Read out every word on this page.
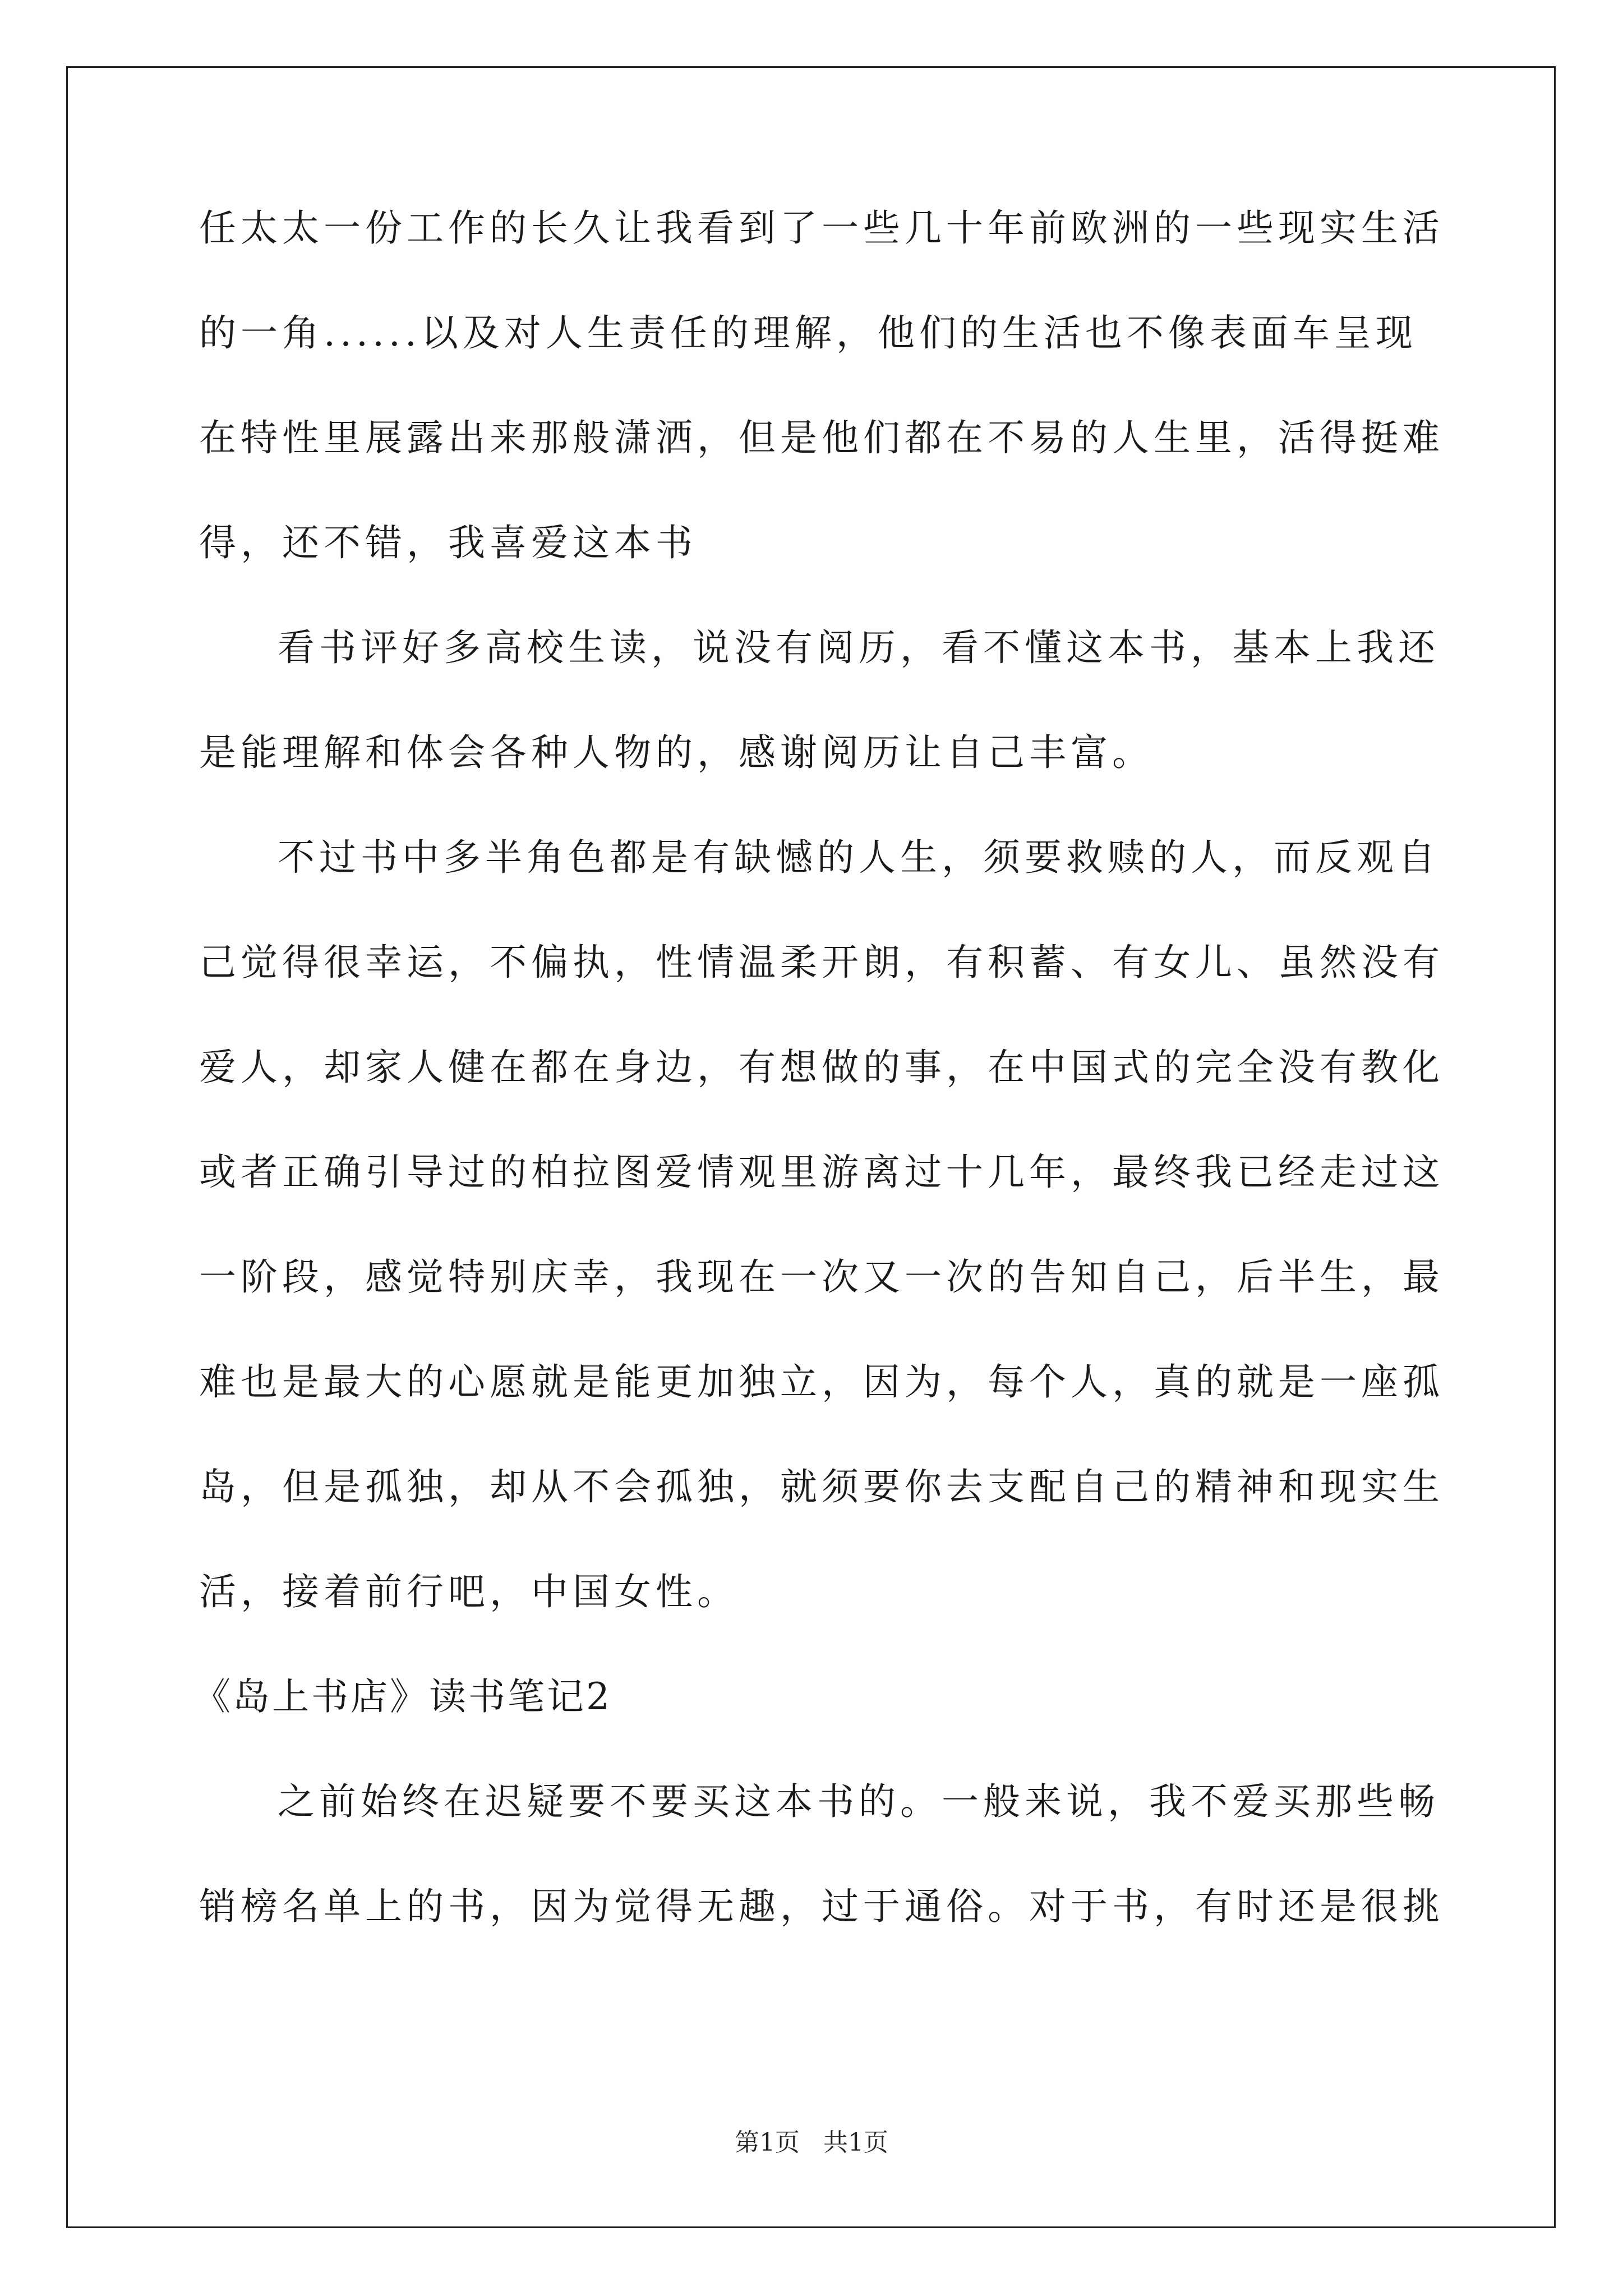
任太太一份工作的长久让我看到了一些几十年前欧洲的一些现实生活
的一角......以及对人生责任的理解，他们的生活也不像表面车呈现
在特性里展露出来那般潇洒，但是他们都在不易的人生里，活得挺难
得，还不错，我喜爱这本书
看书评好多高校生读，说没有阅历，看不懂这本书，基本上我还
是能理解和体会各种人物的，感谢阅历让自己丰富。
不过书中多半角色都是有缺憾的人生，须要救赎的人，而反观自
己觉得很幸运，不偏执，性情温柔开朗，有积蓄、有女儿、虽然没有
爱人，却家人健在都在身边，有想做的事，在中国式的完全没有教化
或者正确引导过的柏拉图爱情观里游离过十几年，最终我已经走过这
一阶段，感觉特别庆幸，我现在一次又一次的告知自己，后半生，最
难也是最大的心愿就是能更加独立，因为，每个人，真的就是一座孤
岛，但是孤独，却从不会孤独，就须要你去支配自己的精神和现实生
活，接着前行吧，中国女性。
《岛上书店》读书笔记2
之前始终在迟疑要不要买这本书的。一般来说，我不爱买那些畅
销榜名单上的书，因为觉得无趣，过于通俗。对于书，有时还是很挑
第1页   共1页
